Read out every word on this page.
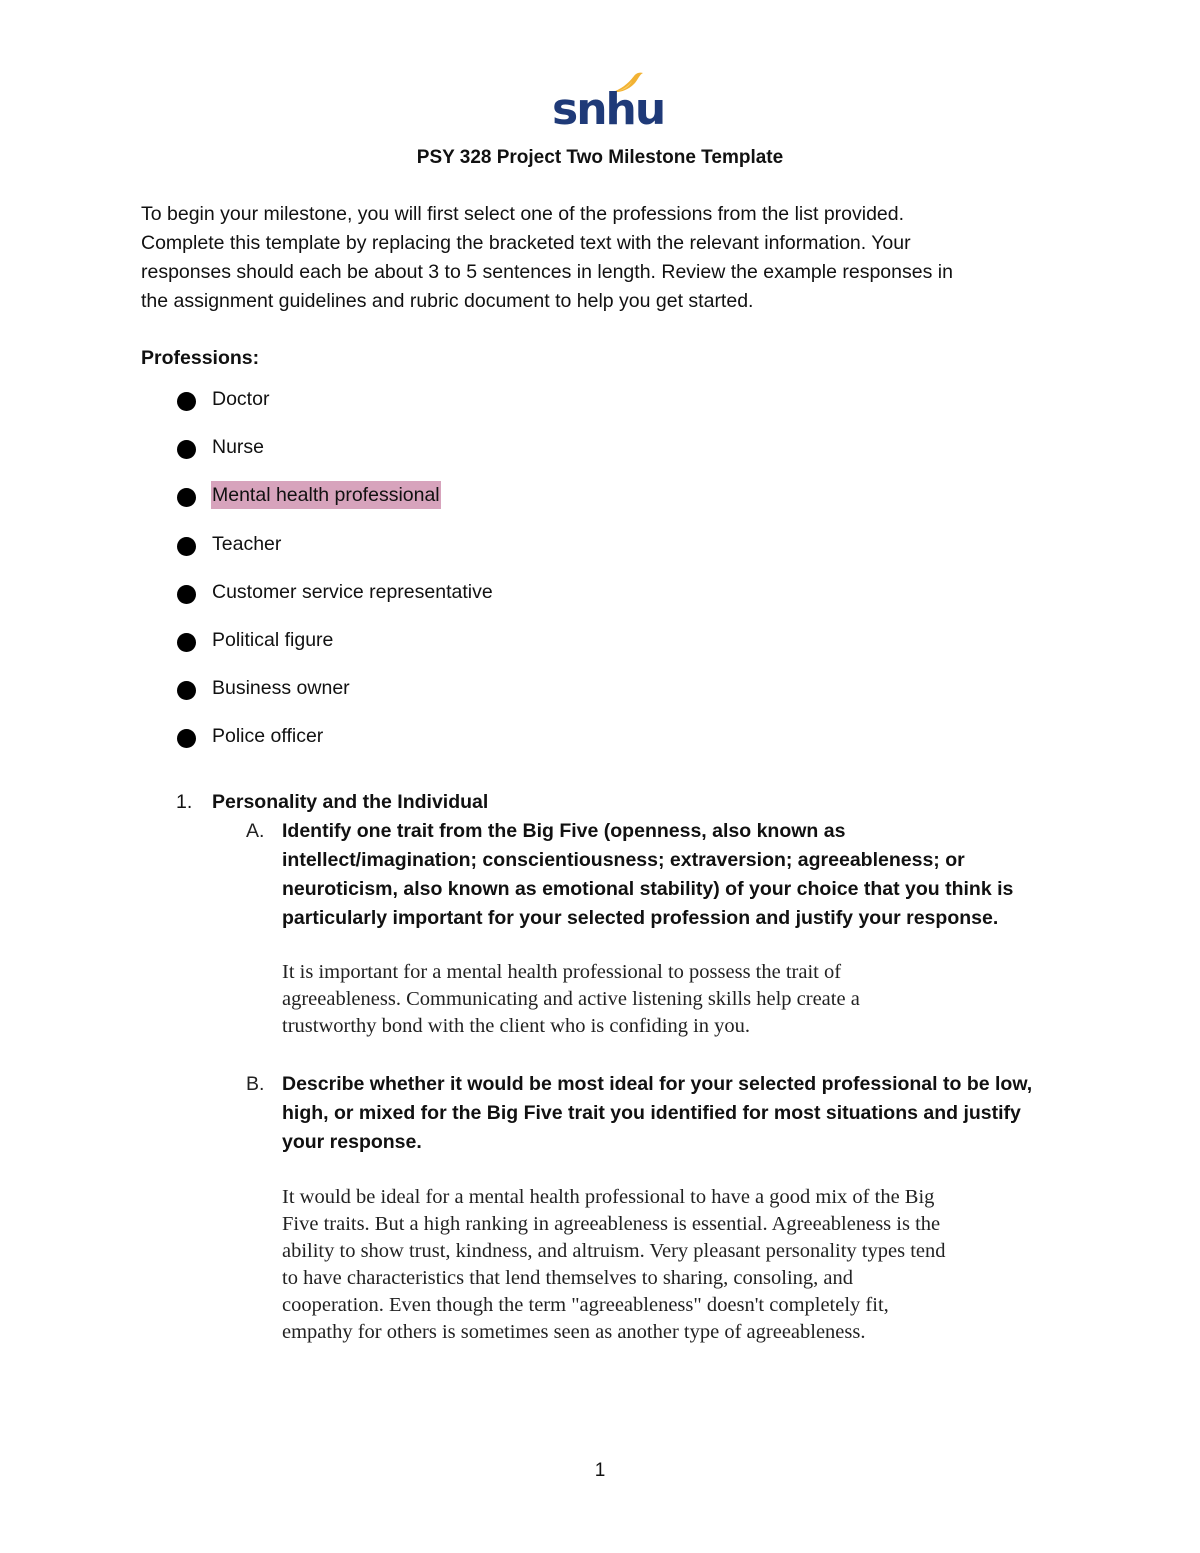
snhu
PSY 328 Project Two Milestone Template
To begin your milestone, you will first select one of the professions from the list provided.
Complete this template by replacing the bracketed text with the relevant information. Your
responses should each be about 3 to 5 sentences in length. Review the example responses in
the assignment guidelines and rubric document to help you get started.
Professions:
Doctor
Nurse
Mental health professional
Teacher
Customer service representative
Political figure
Business owner
Police officer
1. Personality and the Individual
A. Identify one trait from the Big Five (openness, also known as
intellect/imagination; conscientiousness; extraversion; agreeableness; or
neuroticism, also known as emotional stability) of your choice that you think is
particularly important for your selected profession and justify your response.
It is important for a mental health professional to possess the trait of
agreeableness. Communicating and active listening skills help create a
trustworthy bond with the client who is confiding in you.
B. Describe whether it would be most ideal for your selected professional to be low,
high, or mixed for the Big Five trait you identified for most situations and justify
your response.
It would be ideal for a mental health professional to have a good mix of the Big
Five traits. But a high ranking in agreeableness is essential. Agreeableness is the
ability to show trust, kindness, and altruism. Very pleasant personality types tend
to have characteristics that lend themselves to sharing, consoling, and
cooperation. Even though the term "agreeableness" doesn't completely fit,
empathy for others is sometimes seen as another type of agreeableness.
1
